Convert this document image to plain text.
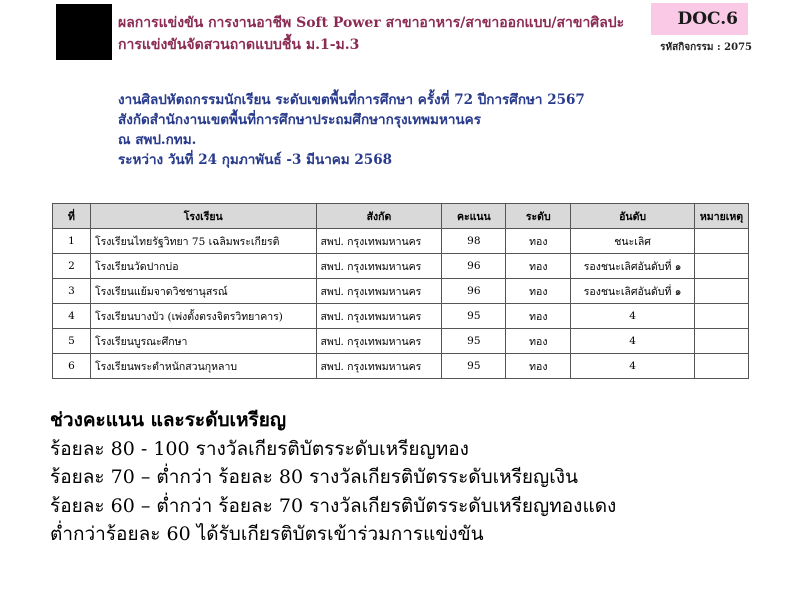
DOC.6
รหัสกิจกรรม : 2075
ผลการแข่งขัน การงานอาชีพ Soft Power สาขาอาหาร/สาขาออกแบบ/สาขาศิลปะ
การแข่งขันจัดสวนถาดแบบชื้น ม.1-ม.3
งานศิลปหัตถกรรมนักเรียน ระดับเขตพื้นที่การศึกษา ครั้งที่ 72 ปีการศึกษา 2567
สังกัดสำนักงานเขตพื้นที่การศึกษาประถมศึกษากรุงเทพมหานคร
ณ สพป.กทม.
ระหว่าง วันที่ 24 กุมภาพันธ์ -3 มีนาคม 2568
ที่	โรงเรียน	สังกัด	คะแนน	ระดับ	อันดับ	หมายเหตุ
1	โรงเรียนไทยรัฐวิทยา 75 เฉลิมพระเกียรติ	สพป. กรุงเทพมหานคร	98	ทอง	ชนะเลิศ	
2	โรงเรียนวัดปากบ่อ	สพป. กรุงเทพมหานคร	96	ทอง	รองชนะเลิศอันดับที่ ๑	
3	โรงเรียนแย้มจาดวิชชานุสรณ์	สพป. กรุงเทพมหานคร	96	ทอง	รองชนะเลิศอันดับที่ ๑	
4	โรงเรียนบางบัว (เพ่งตั้งตรงจิตรวิทยาคาร)	สพป. กรุงเทพมหานคร	95	ทอง	4	
5	โรงเรียนบูรณะศึกษา	สพป. กรุงเทพมหานคร	95	ทอง	4	
6	โรงเรียนพระตำหนักสวนกุหลาบ	สพป. กรุงเทพมหานคร	95	ทอง	4	
ช่วงคะแนน และระดับเหรียญ
ร้อยละ 80 - 100 รางวัลเกียรติบัตรระดับเหรียญทอง
ร้อยละ 70 – ต่ำกว่า ร้อยละ 80 รางวัลเกียรติบัตรระดับเหรียญเงิน
ร้อยละ 60 – ต่ำกว่า ร้อยละ 70 รางวัลเกียรติบัตรระดับเหรียญทองแดง
ต่ำกว่าร้อยละ 60 ได้รับเกียรติบัตรเข้าร่วมการแข่งขัน
